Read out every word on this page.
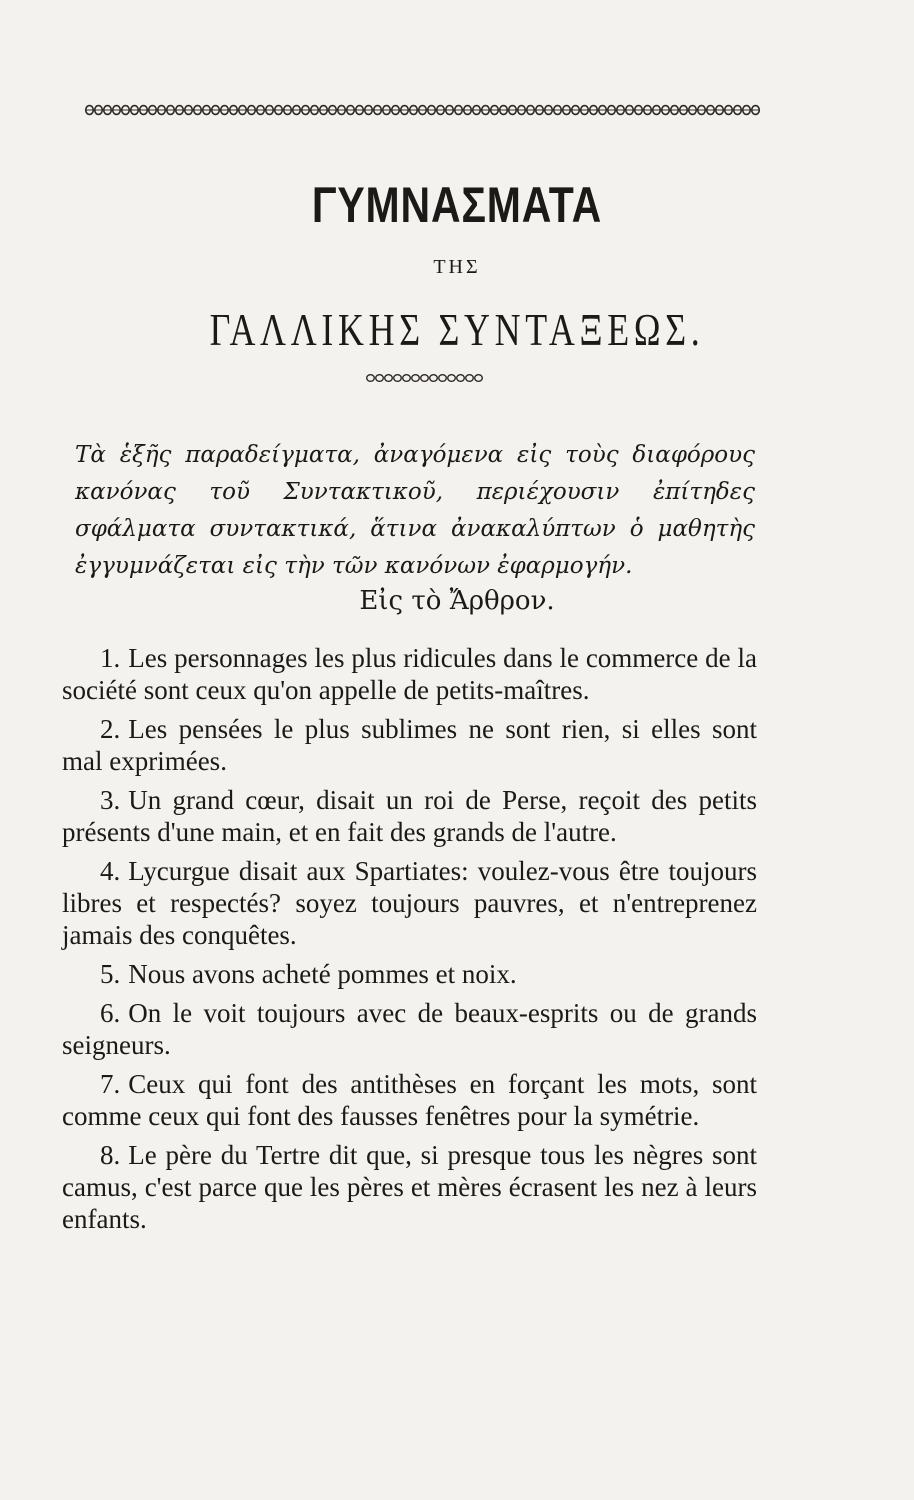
ΓΥΜΝΑΣΜΑΤΑ
ΤΗΣ
ΓΑΛΛΙΚΗΣ ΣΥΝΤΑΞΕΩΣ.

Τὰ ἑξῆς παραδείγματα, ἀναγόμενα εἰς τοὺς διαφόρους κανόνας τοῦ Συντακτικοῦ, περιέχουσιν ἐπίτηδες σφάλματα συντακτικά, ἅτινα ἀνακαλύπτων ὁ μαθητὴς ἐγγυμνάζεται εἰς τὴν τῶν κανόνων ἐφαρμογήν.

Εἰς τὸ Ἄρθρον.
1. Les personnages les plus ridicules dans le commerce de la société sont ceux qu'on appelle de petits-maîtres.
2. Les pensées le plus sublimes ne sont rien, si elles sont mal exprimées.
3. Un grand cœur, disait un roi de Perse, reçoit des petits présents d'une main, et en fait des grands de l'autre.
4. Lycurgue disait aux Spartiates: voulez-vous être toujours libres et respectés? soyez toujours pauvres, et n'entreprenez jamais des conquêtes.
5. Nous avons acheté pommes et noix.
6. On le voit toujours avec de beaux-esprits ou de grands seigneurs.
7. Ceux qui font des antithèses en forçant les mots, sont comme ceux qui font des fausses fenêtres pour la symétrie.
8. Le père du Tertre dit que, si presque tous les nègres sont camus, c'est parce que les pères et mères écrasent les nez à leurs enfants.
